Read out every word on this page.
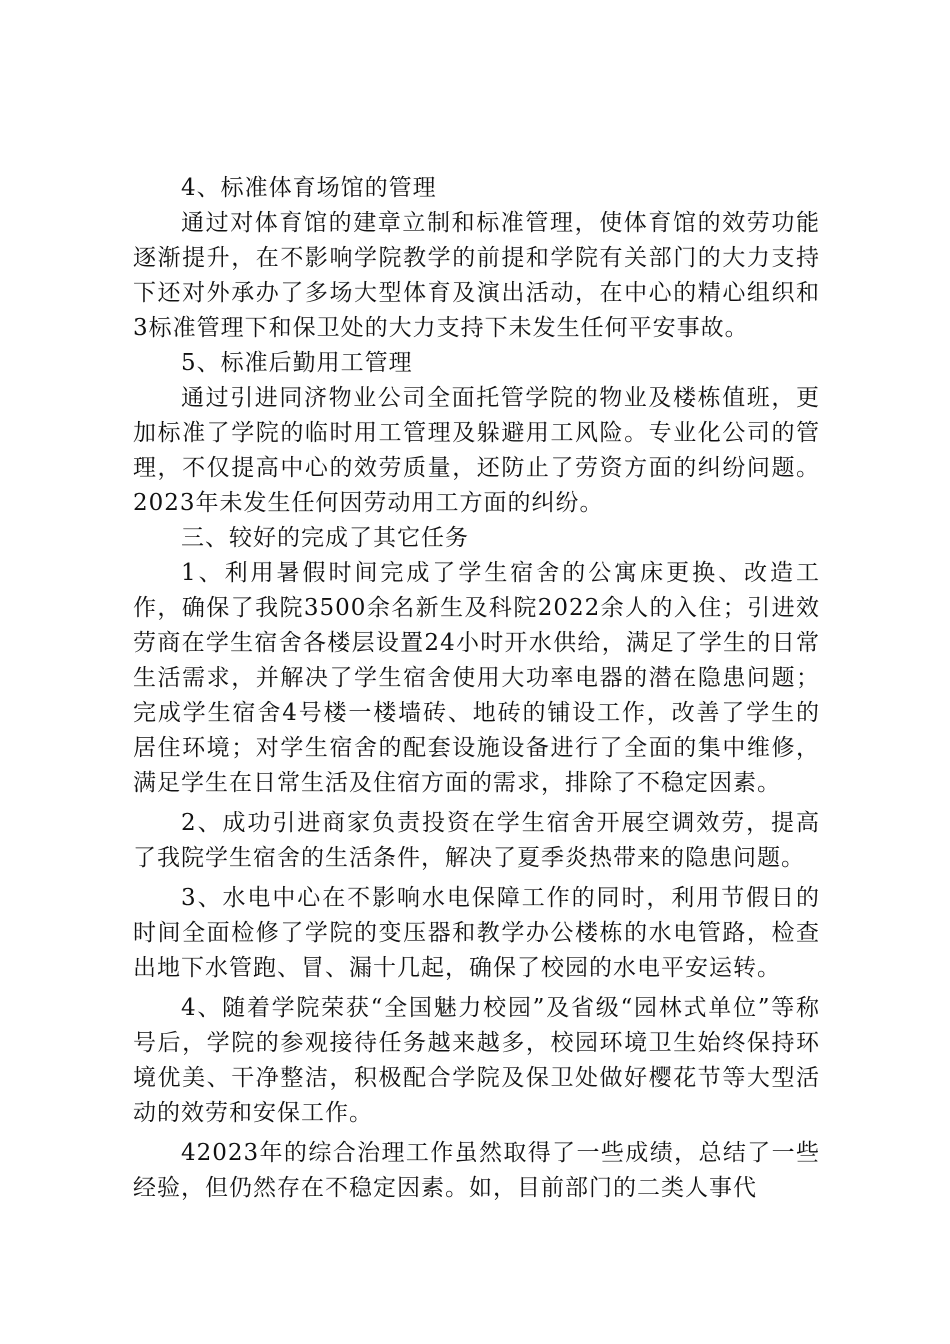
4、标准体育场馆的管理

通过对体育馆的建章立制和标准管理，使体育馆的效劳功能逐渐提升，在不影响学院教学的前提和学院有关部门的大力支持下还对外承办了多场大型体育及演出活动，在中心的精心组织和3标准管理下和保卫处的大力支持下未发生任何平安事故。

5、标准后勤用工管理

通过引进同济物业公司全面托管学院的物业及楼栋值班，更加标准了学院的临时用工管理及躲避用工风险。专业化公司的管理，不仅提高中心的效劳质量，还防止了劳资方面的纠纷问题。2023年未发生任何因劳动用工方面的纠纷。

三、较好的完成了其它任务

1、利用暑假时间完成了学生宿舍的公寓床更换、改造工作，确保了我院3500余名新生及科院2022余人的入住；引进效劳商在学生宿舍各楼层设置24小时开水供给，满足了学生的日常生活需求，并解决了学生宿舍使用大功率电器的潜在隐患问题；完成学生宿舍4号楼一楼墙砖、地砖的铺设工作，改善了学生的居住环境；对学生宿舍的配套设施设备进行了全面的集中维修，满足学生在日常生活及住宿方面的需求，排除了不稳定因素。

2、成功引进商家负责投资在学生宿舍开展空调效劳，提高了我院学生宿舍的生活条件，解决了夏季炎热带来的隐患问题。

3、水电中心在不影响水电保障工作的同时，利用节假日的时间全面检修了学院的变压器和教学办公楼栋的水电管路，检查出地下水管跑、冒、漏十几起，确保了校园的水电平安运转。

4、随着学院荣获“全国魅力校园”及省级“园林式单位”等称号后，学院的参观接待任务越来越多，校园环境卫生始终保持环境优美、干净整洁，积极配合学院及保卫处做好樱花节等大型活动的效劳和安保工作。

42023年的综合治理工作虽然取得了一些成绩，总结了一些经验，但仍然存在不稳定因素。如，目前部门的二类人事代
